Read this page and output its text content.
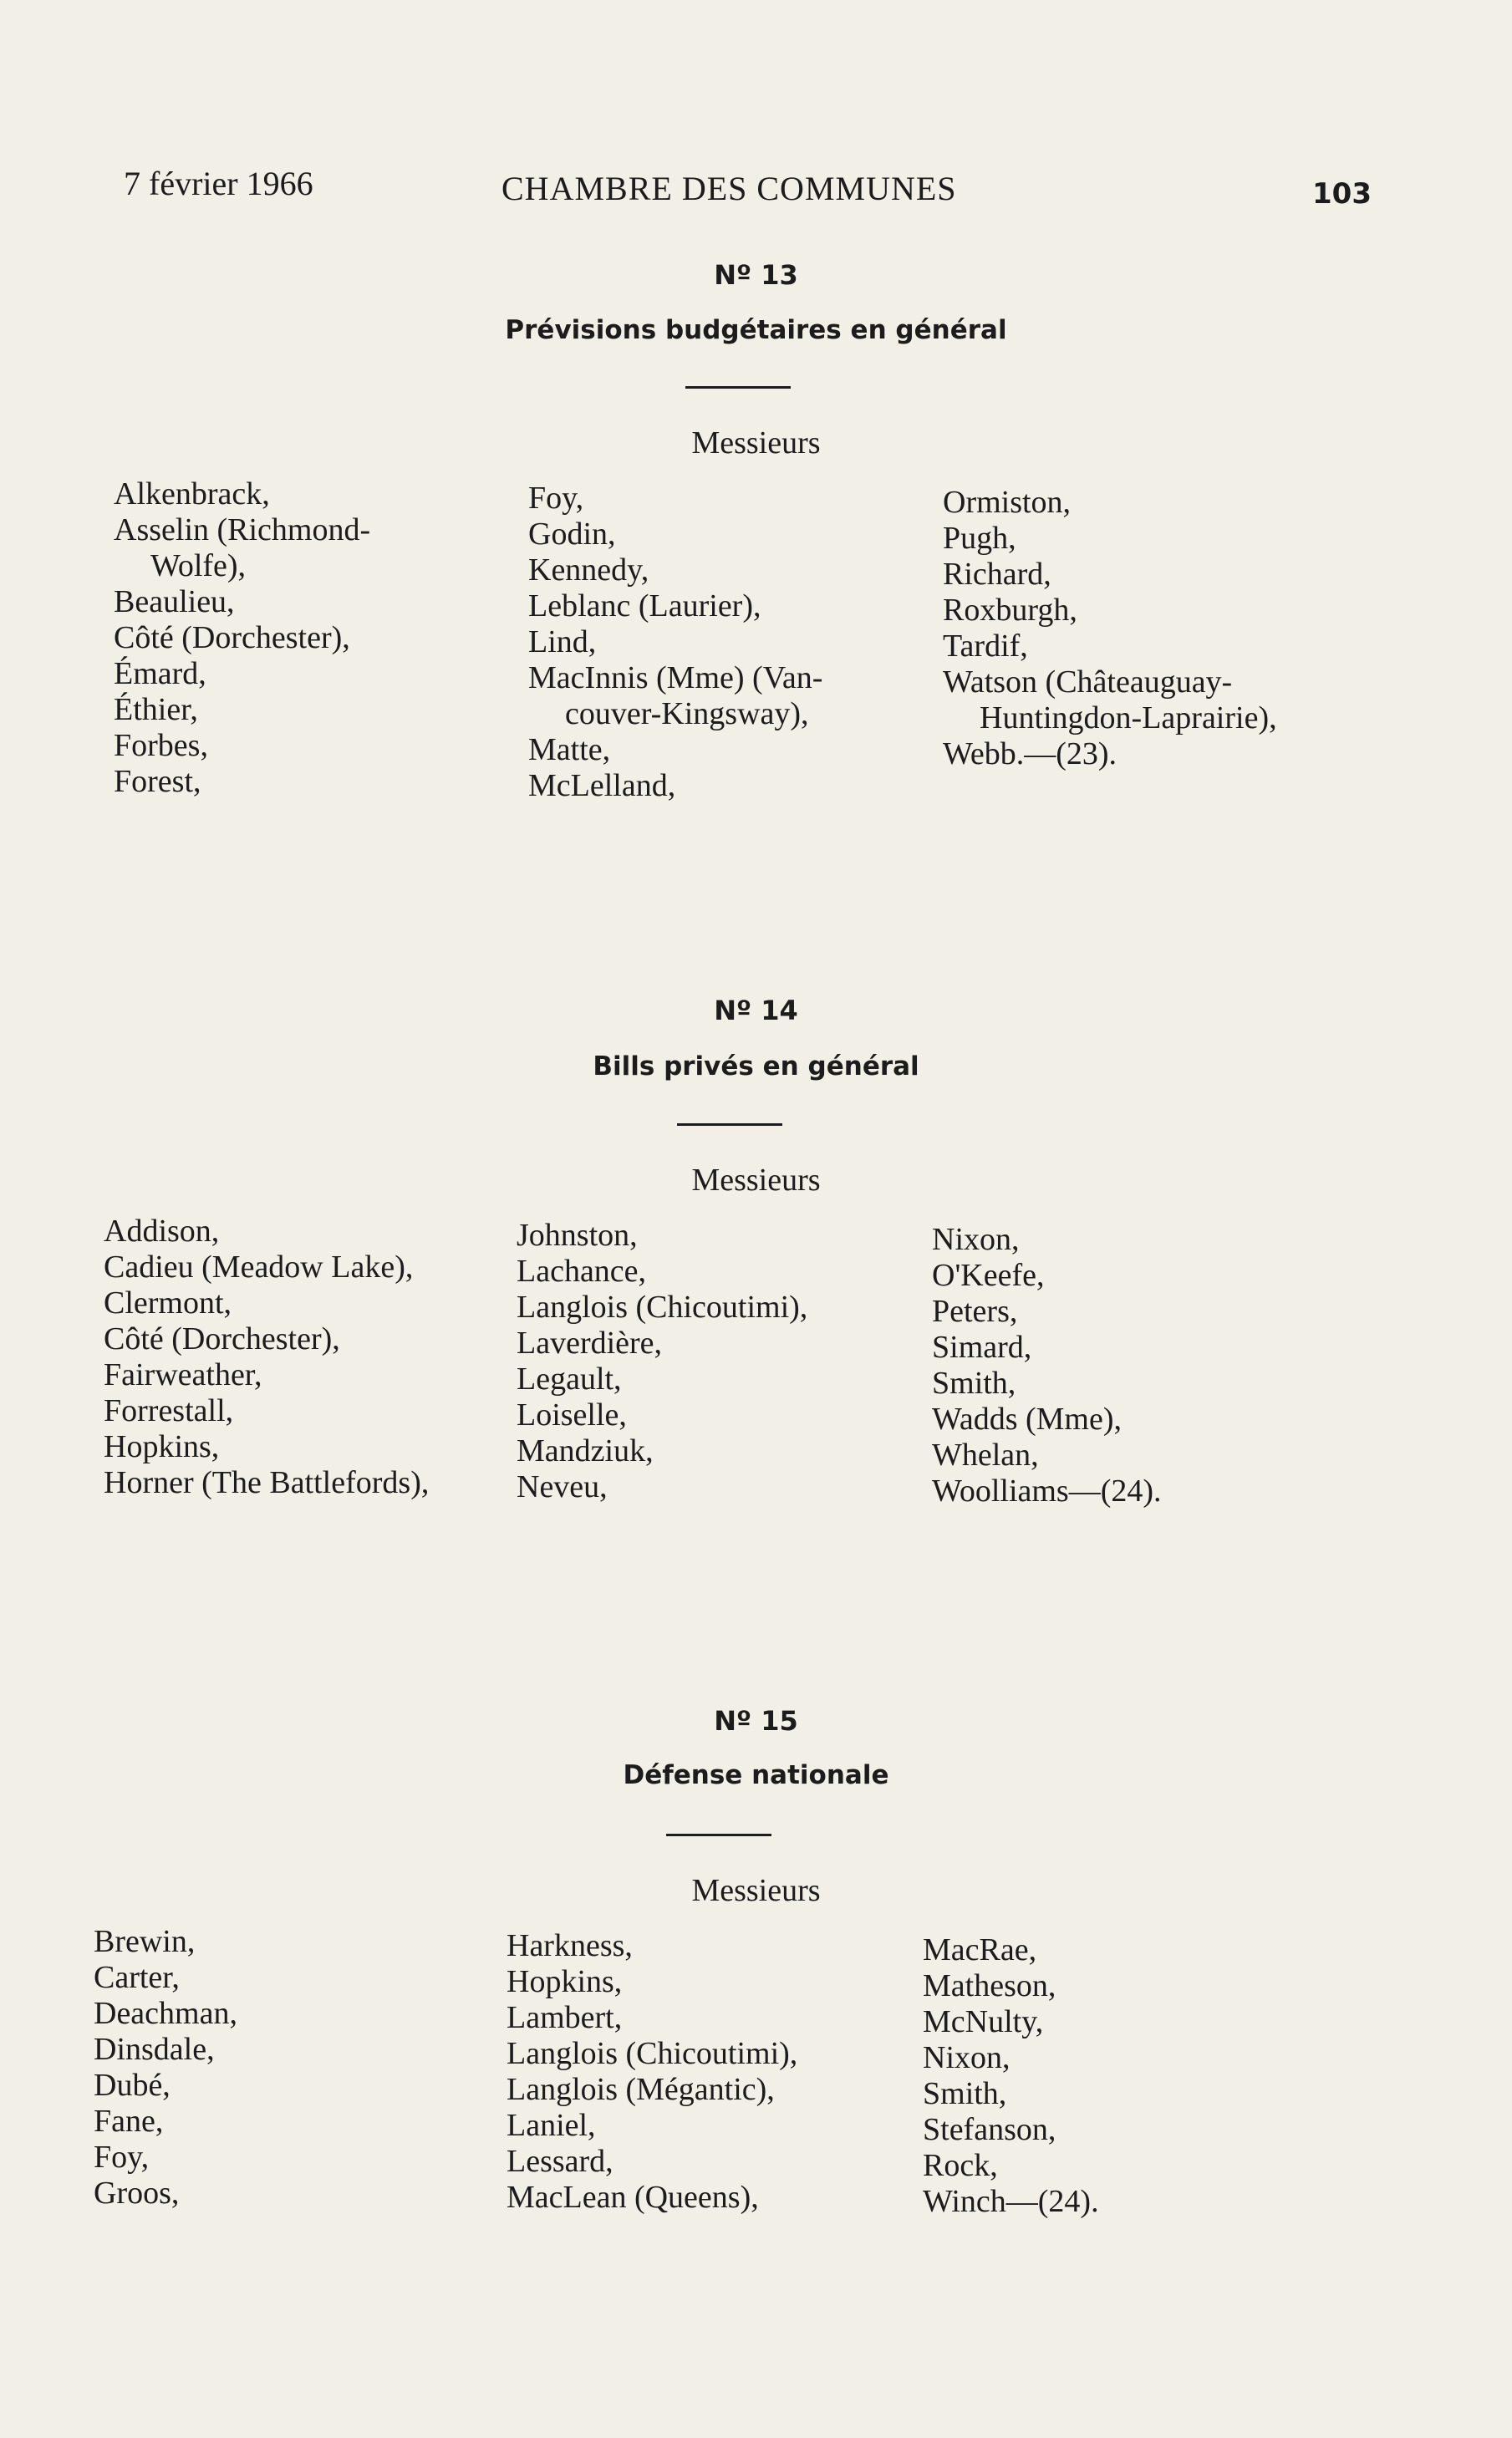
7 février 1966	CHAMBRE DES COMMUNES	103
Nº 13
Prévisions budgétaires en général
Messieurs
Alkenbrack,
Asselin (Richmond-
Wolfe),
Beaulieu,
Côté (Dorchester),
Émard,
Éthier,
Forbes,
Forest,
Foy,
Godin,
Kennedy,
Leblanc (Laurier),
Lind,
MacInnis (Mme) (Van-
couver-Kingsway),
Matte,
McLelland,
Ormiston,
Pugh,
Richard,
Roxburgh,
Tardif,
Watson (Châteauguay-
Huntingdon-Laprairie),
Webb.—(23).
Nº 14
Bills privés en général
Messieurs
Addison,
Cadieu (Meadow Lake),
Clermont,
Côté (Dorchester),
Fairweather,
Forrestall,
Hopkins,
Horner (The Battlefords),
Johnston,
Lachance,
Langlois (Chicoutimi),
Laverdière,
Legault,
Loiselle,
Mandziuk,
Neveu,
Nixon,
O'Keefe,
Peters,
Simard,
Smith,
Wadds (Mme),
Whelan,
Woolliams—(24).
Nº 15
Défense nationale
Messieurs
Brewin,
Carter,
Deachman,
Dinsdale,
Dubé,
Fane,
Foy,
Groos,
Harkness,
Hopkins,
Lambert,
Langlois (Chicoutimi),
Langlois (Mégantic),
Laniel,
Lessard,
MacLean (Queens),
MacRae,
Matheson,
McNulty,
Nixon,
Smith,
Stefanson,
Rock,
Winch—(24).
